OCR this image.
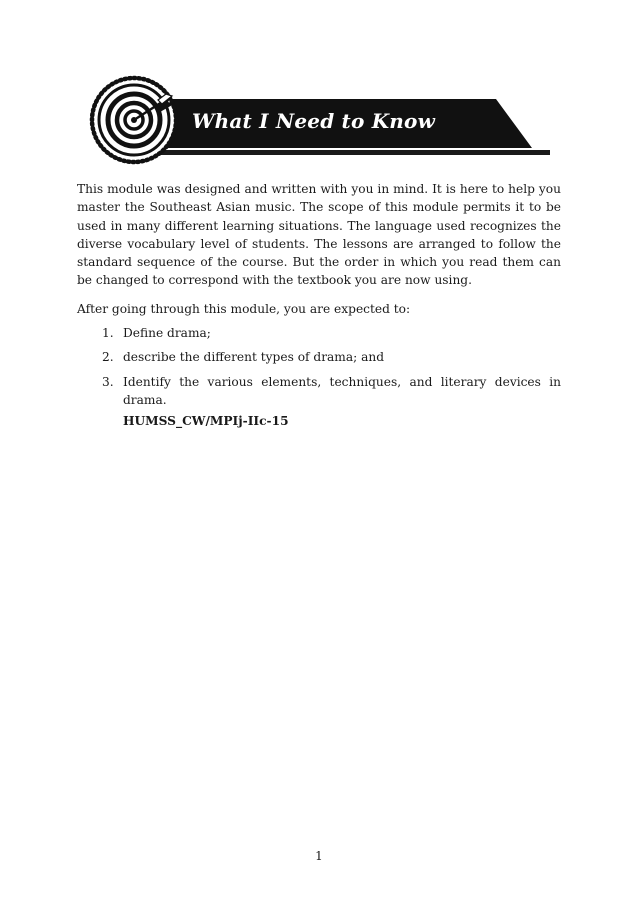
What I Need to Know

This module was designed and written with you in mind. It is here to help you master the Southeast Asian music. The scope of this module permits it to be used in many different learning situations. The language used recognizes the diverse vocabulary level of students. The lessons are arranged to follow the standard sequence of the course. But the order in which you read them can be changed to correspond with the textbook you are now using.

After going through this module, you are expected to:

1. Define drama;
2. describe the different types of drama; and
3. Identify the various elements, techniques, and literary devices in drama.
HUMSS_CW/MPIj-IIc-15
1
